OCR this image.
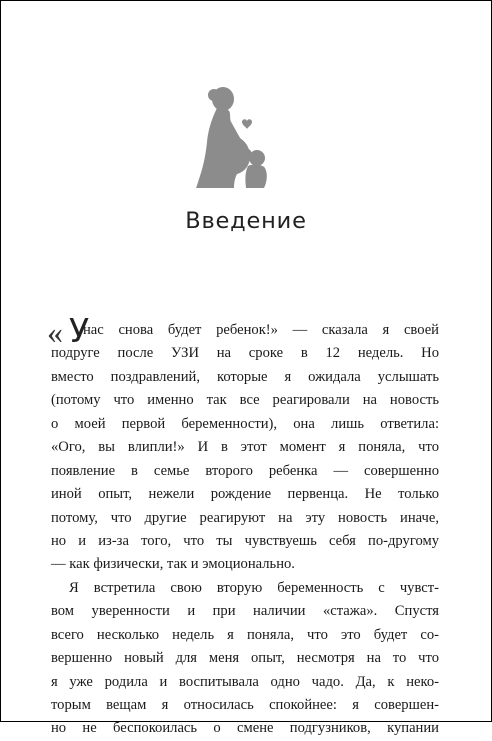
Введение
« У
нас снова будет ребенок!» — сказала я своей
подруге после УЗИ на сроке в 12 недель. Но
вместо поздравлений, которые я ожидала услышать
(потому что именно так все реагировали на новость
о моей первой беременности), она лишь ответила:
«Ого, вы влипли!» И в этот момент я поняла, что
появление в семье второго ребенка — совершенно
иной опыт, нежели рождение первенца. Не только
потому, что другие реагируют на эту новость иначе,
но и из-за того, что ты чувствуешь себя по-другому
— как физически, так и эмоционально.
Я встретила свою вторую беременность с чувст-
вом уверенности и при наличии «стажа». Спустя
всего несколько недель я поняла, что это будет со-
вершенно новый для меня опыт, несмотря на то что
я уже родила и воспитывала одно чадо. Да, к неко-
торым вещам я относилась спокойнее: я совершен-
но не беспокоилась о смене подгузников, купании
